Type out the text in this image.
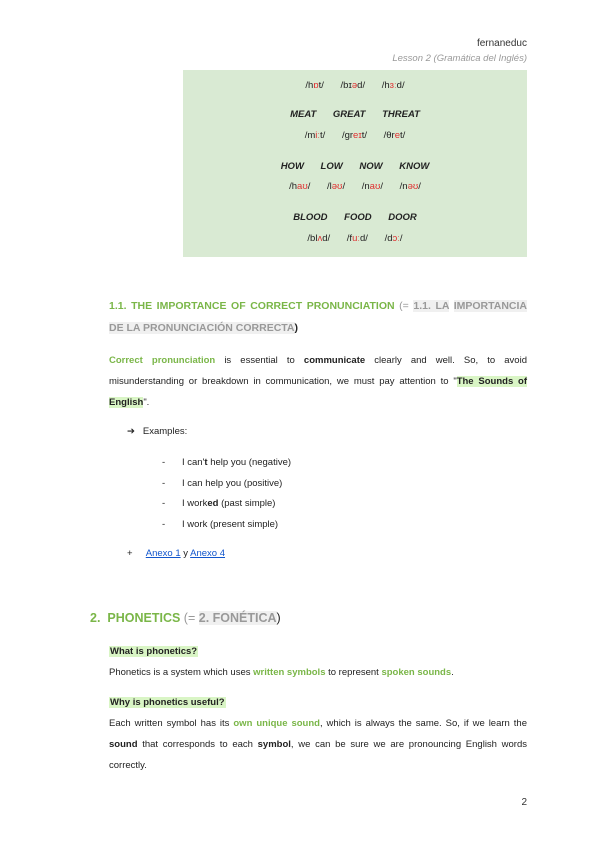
fernaneduc
Lesson 2 (Gramática del Inglés)
/hɒt/ /bɪəd/ /hɜːd/
MEAT GREAT THREAT
/miːt/ /greɪt/ /θret/
HOW LOW NOW KNOW
/haʊ/ /ləʊ/ /naʊ/ /nəʊ/
BLOOD FOOD DOOR
/blʌd/ /fuːd/ /dɔː/
1.1. THE IMPORTANCE OF CORRECT PRONUNCIATION (= 1.1. LA IMPORTANCIA DE LA PRONUNCIACIÓN CORRECTA)
Correct pronunciation is essential to communicate clearly and well. So, to avoid misunderstanding or breakdown in communication, we must pay attention to "The Sounds of English".
➔ Examples:
- I can't help you (negative)
- I can help you (positive)
- I worked (past simple)
- I work (present simple)
+ Anexo 1 y Anexo 4
2. PHONETICS (= 2. FONÉTICA)
What is phonetics?
Phonetics is a system which uses written symbols to represent spoken sounds.
Why is phonetics useful?
Each written symbol has its own unique sound, which is always the same. So, if we learn the sound that corresponds to each symbol, we can be sure we are pronouncing English words correctly.
2
